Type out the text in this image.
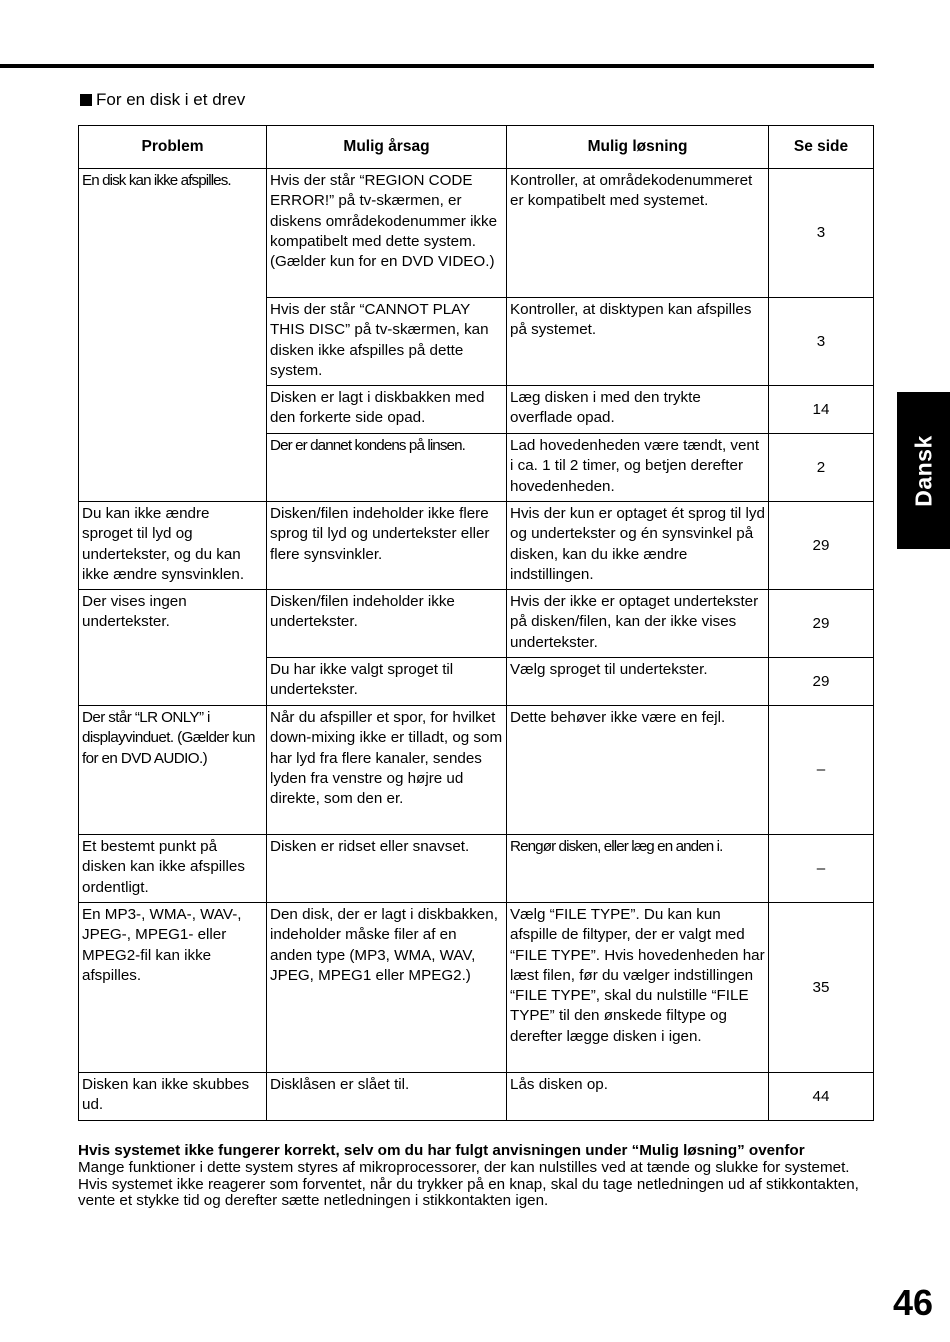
For en disk i et drev
Problem	Mulig årsag	Mulig løsning	Se side
En disk kan ikke afspilles.	Hvis der står “REGION CODE ERROR!” på tv-skærmen, er diskens områdekodenummer ikke kompatibelt med dette system. (Gælder kun for en DVD VIDEO.)	Kontroller, at områdekodenummeret er kompatibelt med systemet.	3
	Hvis der står “CANNOT PLAY THIS DISC” på tv-skærmen, kan disken ikke afspilles på dette system.	Kontroller, at disktypen kan afspilles på systemet.	3
	Disken er lagt i diskbakken med den forkerte side opad.	Læg disken i med den trykte overflade opad.	14
	Der er dannet kondens på linsen.	Lad hovedenheden være tændt, vent i ca. 1 til 2 timer, og betjen derefter hovedenheden.	2
Du kan ikke ændre sproget til lyd og undertekster, og du kan ikke ændre synsvinklen.	Disken/filen indeholder ikke flere sprog til lyd og undertekster eller flere synsvinkler.	Hvis der kun er optaget ét sprog til lyd og undertekster og én synsvinkel på disken, kan du ikke ændre indstillingen.	29
Der vises ingen undertekster.	Disken/filen indeholder ikke undertekster.	Hvis der ikke er optaget undertekster på disken/filen, kan der ikke vises undertekster.	29
	Du har ikke valgt sproget til undertekster.	Vælg sproget til undertekster.	29
Der står “LR ONLY” i displayvinduet. (Gælder kun for en DVD AUDIO.)	Når du afspiller et spor, for hvilket down-mixing ikke er tilladt, og som har lyd fra flere kanaler, sendes lyden fra venstre og højre ud direkte, som den er.	Dette behøver ikke være en fejl.	–
Et bestemt punkt på disken kan ikke afspilles ordentligt.	Disken er ridset eller snavset.	Rengør disken, eller læg en anden i.	–
En MP3-, WMA-, WAV-, JPEG-, MPEG1- eller MPEG2-fil kan ikke afspilles.	Den disk, der er lagt i diskbakken, indeholder måske filer af en anden type (MP3, WMA, WAV, JPEG, MPEG1 eller MPEG2.)	Vælg “FILE TYPE”. Du kan kun afspille de filtyper, der er valgt med “FILE TYPE”. Hvis hovedenheden har læst filen, før du vælger indstillingen “FILE TYPE”, skal du nulstille “FILE TYPE” til den ønskede filtype og derefter lægge disken i igen.	35
Disken kan ikke skubbes ud.	Disklåsen er slået til.	Lås disken op.	44
Dansk
Hvis systemet ikke fungerer korrekt, selv om du har fulgt anvisningen under “Mulig løsning” ovenfor
Mange funktioner i dette system styres af mikroprocessorer, der kan nulstilles ved at tænde og slukke for systemet. Hvis systemet ikke reagerer som forventet, når du trykker på en knap, skal du tage netledningen ud af stikkontakten, vente et stykke tid og derefter sætte netledningen i stikkontakten igen.
46
